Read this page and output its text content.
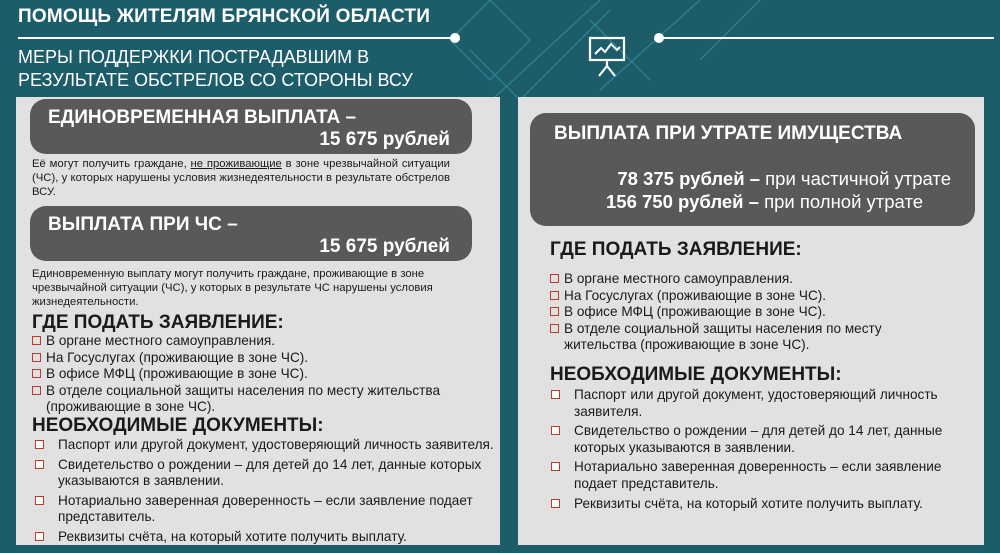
ПОМОЩЬ ЖИТЕЛЯМ БРЯНСКОЙ ОБЛАСТИ
МЕРЫ ПОДДЕРЖКИ ПОСТРАДАВШИМ В
РЕЗУЛЬТАТЕ ОБСТРЕЛОВ СО СТОРОНЫ ВСУ
ЕДИНОВРЕМЕННАЯ ВЫПЛАТА –
15 675 рублей
Её могут получить граждане, не проживающие в зоне чрезвычайной ситуации (ЧС), у которых нарушены условия жизнедеятельности в результате обстрелов ВСУ.
ВЫПЛАТА ПРИ ЧС –
15 675 рублей
Единовременную выплату могут получить граждане, проживающие в зоне чрезвычайной ситуации (ЧС), у которых в результате ЧС нарушены условия жизнедеятельности.
ГДЕ ПОДАТЬ ЗАЯВЛЕНИЕ:
В органе местного самоуправления.
На Госуслугах (проживающие в зоне ЧС).
В офисе МФЦ (проживающие в зоне ЧС).
В отделе социальной защиты населения по месту жительства (проживающие в зоне ЧС).
НЕОБХОДИМЫЕ ДОКУМЕНТЫ:
Паспорт или другой документ, удостоверяющий личность заявителя.
Свидетельство о рождении – для детей до 14 лет, данные которых указываются в заявлении.
Нотариально заверенная доверенность – если заявление подает представитель.
Реквизиты счёта, на который хотите получить выплату.
ВЫПЛАТА ПРИ УТРАТЕ ИМУЩЕСТВА
78 375 рублей – при частичной утрате
156 750 рублей – при полной утрате
ГДЕ ПОДАТЬ ЗАЯВЛЕНИЕ:
В органе местного самоуправления.
На Госуслугах (проживающие в зоне ЧС).
В офисе МФЦ (проживающие в зоне ЧС).
В отделе социальной защиты населения по месту жительства (проживающие в зоне ЧС).
НЕОБХОДИМЫЕ ДОКУМЕНТЫ:
Паспорт или другой документ, удостоверяющий личность заявителя.
Свидетельство о рождении – для детей до 14 лет, данные которых указываются в заявлении.
Нотариально заверенная доверенность – если заявление подает представитель.
Реквизиты счёта, на который хотите получить выплату.
